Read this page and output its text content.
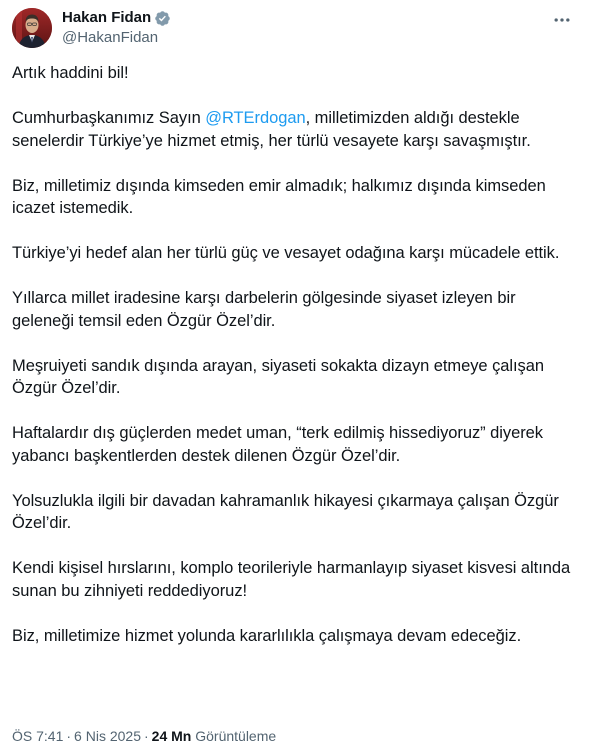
Hakan Fidan
@HakanFidan

Artık haddini bil!

Cumhurbaşkanımız Sayın @RTErdogan, milletimizden aldığı destekle senelerdir Türkiye’ye hizmet etmiş, her türlü vesayete karşı savaşmıştır.

Biz, milletimiz dışında kimseden emir almadık; halkımız dışında kimseden icazet istemedik.

Türkiye’yi hedef alan her türlü güç ve vesayet odağına karşı mücadele ettik.

Yıllarca millet iradesine karşı darbelerin gölgesinde siyaset izleyen bir geleneği temsil eden Özgür Özel’dir.

Meşruiyeti sandık dışında arayan, siyaseti sokakta dizayn etmeye çalışan Özgür Özel’dir.

Haftalardır dış güçlerden medet uman, “terk edilmiş hissediyoruz” diyerek yabancı başkentlerden destek dilenen Özgür Özel’dir.

Yolsuzlukla ilgili bir davadan kahramanlık hikayesi çıkarmaya çalışan Özgür Özel’dir.

Kendi kişisel hırslarını, komplo teorileriyle harmanlayıp siyaset kisvesi altında sunan bu zihniyeti reddediyoruz!

Biz, milletimize hizmet yolunda kararlılıkla çalışmaya devam edeceğiz.

ÖS 7:41 · 6 Nis 2025 · 24 Mn Görüntüleme
